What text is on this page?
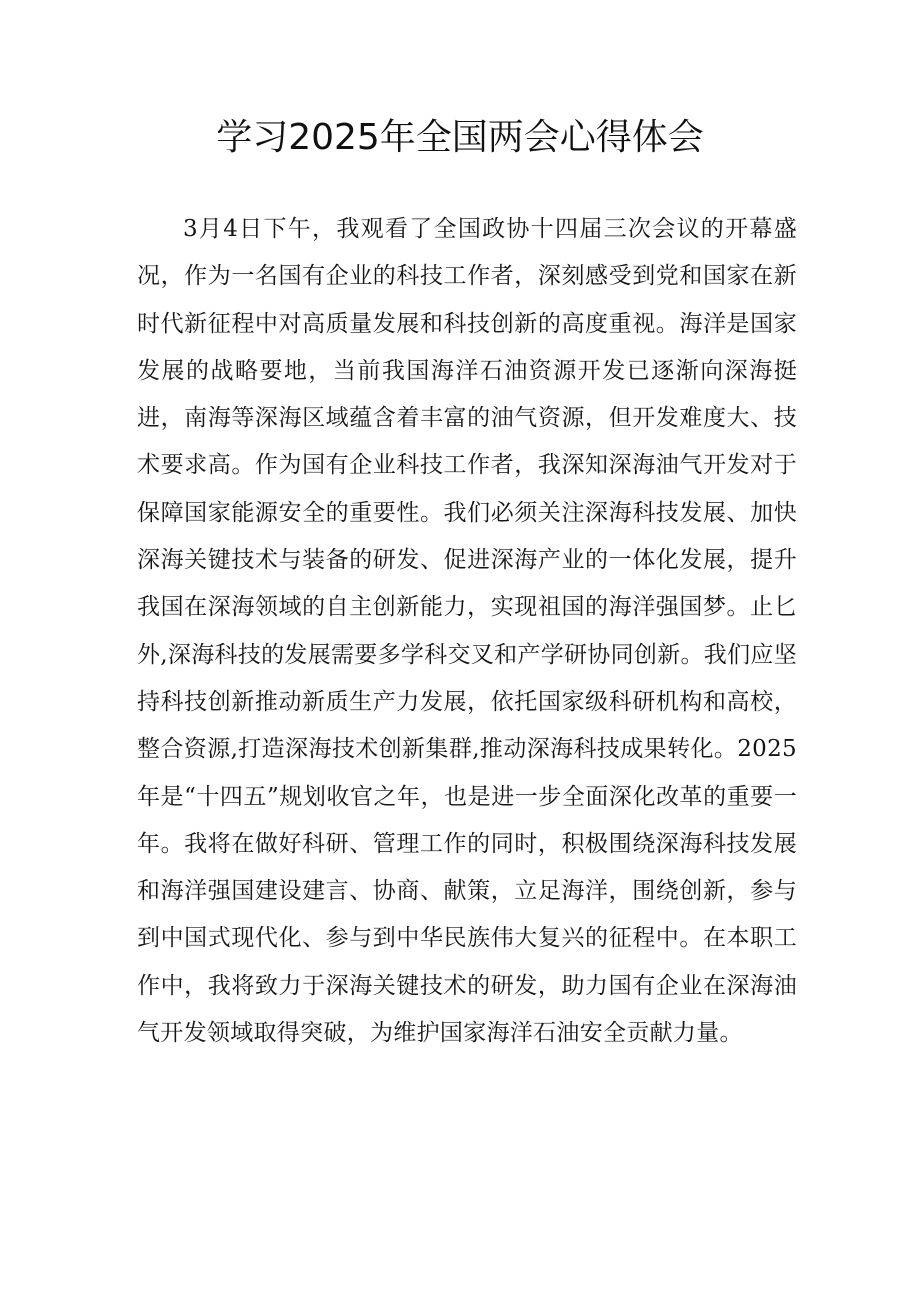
学习2025年全国两会心得体会

3月4日下午，我观看了全国政协十四届三次会议的开幕盛况，作为一名国有企业的科技工作者，深刻感受到党和国家在新时代新征程中对高质量发展和科技创新的高度重视。海洋是国家发展的战略要地，当前我国海洋石油资源开发已逐渐向深海挺进，南海等深海区域蕴含着丰富的油气资源，但开发难度大、技术要求高。作为国有企业科技工作者，我深知深海油气开发对于保障国家能源安全的重要性。我们必须关注深海科技发展、加快深海关键技术与装备的研发、促进深海产业的一体化发展，提升我国在深海领域的自主创新能力，实现祖国的海洋强国梦。止匕外,深海科技的发展需要多学科交叉和产学研协同创新。我们应坚持科技创新推动新质生产力发展，依托国家级科研机构和高校，整合资源,打造深海技术创新集群,推动深海科技成果转化。2025年是“十四五”规划收官之年，也是进一步全面深化改革的重要一年。我将在做好科研、管理工作的同时，积极围绕深海科技发展和海洋强国建设建言、协商、献策，立足海洋，围绕创新，参与到中国式现代化、参与到中华民族伟大复兴的征程中。在本职工作中，我将致力于深海关键技术的研发，助力国有企业在深海油气开发领域取得突破，为维护国家海洋石油安全贡献力量。
